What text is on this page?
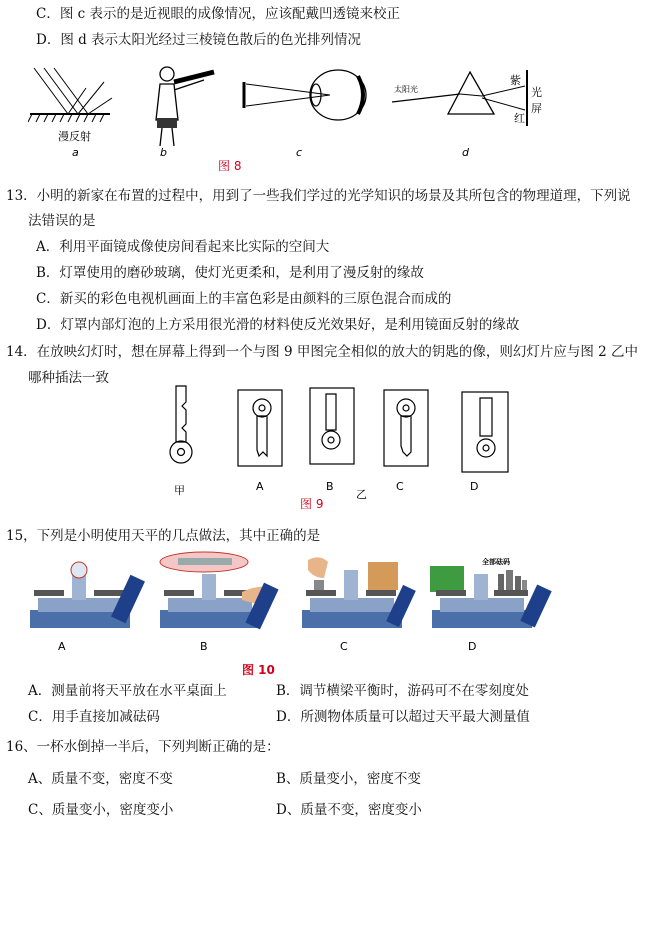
C．图 c 表示的是近视眼的成像情况，应该配戴凹透镜来校正
D．图 d 表示太阳光经过三棱镜色散后的色光排列情况
漫反射
a	b	c
太阳光
紫
红
光
屏
d
图 8
13．小明的新家在布置的过程中，用到了一些我们学过的光学知识的场景及其所包含的物理道理，下列说
法错误的是
A．利用平面镜成像使房间看起来比实际的空间大
B．灯罩使用的磨砂玻璃，使灯光更柔和，是利用了漫反射的缘故
C．新买的彩色电视机画面上的丰富色彩是由颜料的三原色混合而成的
D．灯罩内部灯泡的上方采用很光滑的材料使反光效果好，是利用镜面反射的缘故
14．在放映幻灯时，想在屏幕上得到一个与图 9 甲图完全相似的放大的钥匙的像，则幻灯片应与图 2 乙中
哪种插法一致
甲	A	B
乙
C	D
图 9
15，下列是小明使用天平的几点做法，其中正确的是
A	B	C
全部砝码
D
图 10
A．测量前将天平放在水平桌面上	B．调节横梁平衡时，游码可不在零刻度处
C．用手直接加减砝码	D．所测物体质量可以超过天平最大测量值
16、一杯水倒掉一半后，下列判断正确的是：
A、质量不变，密度不变	B、质量变小，密度不变
C、质量变小，密度变小	D、质量不变，密度变小
